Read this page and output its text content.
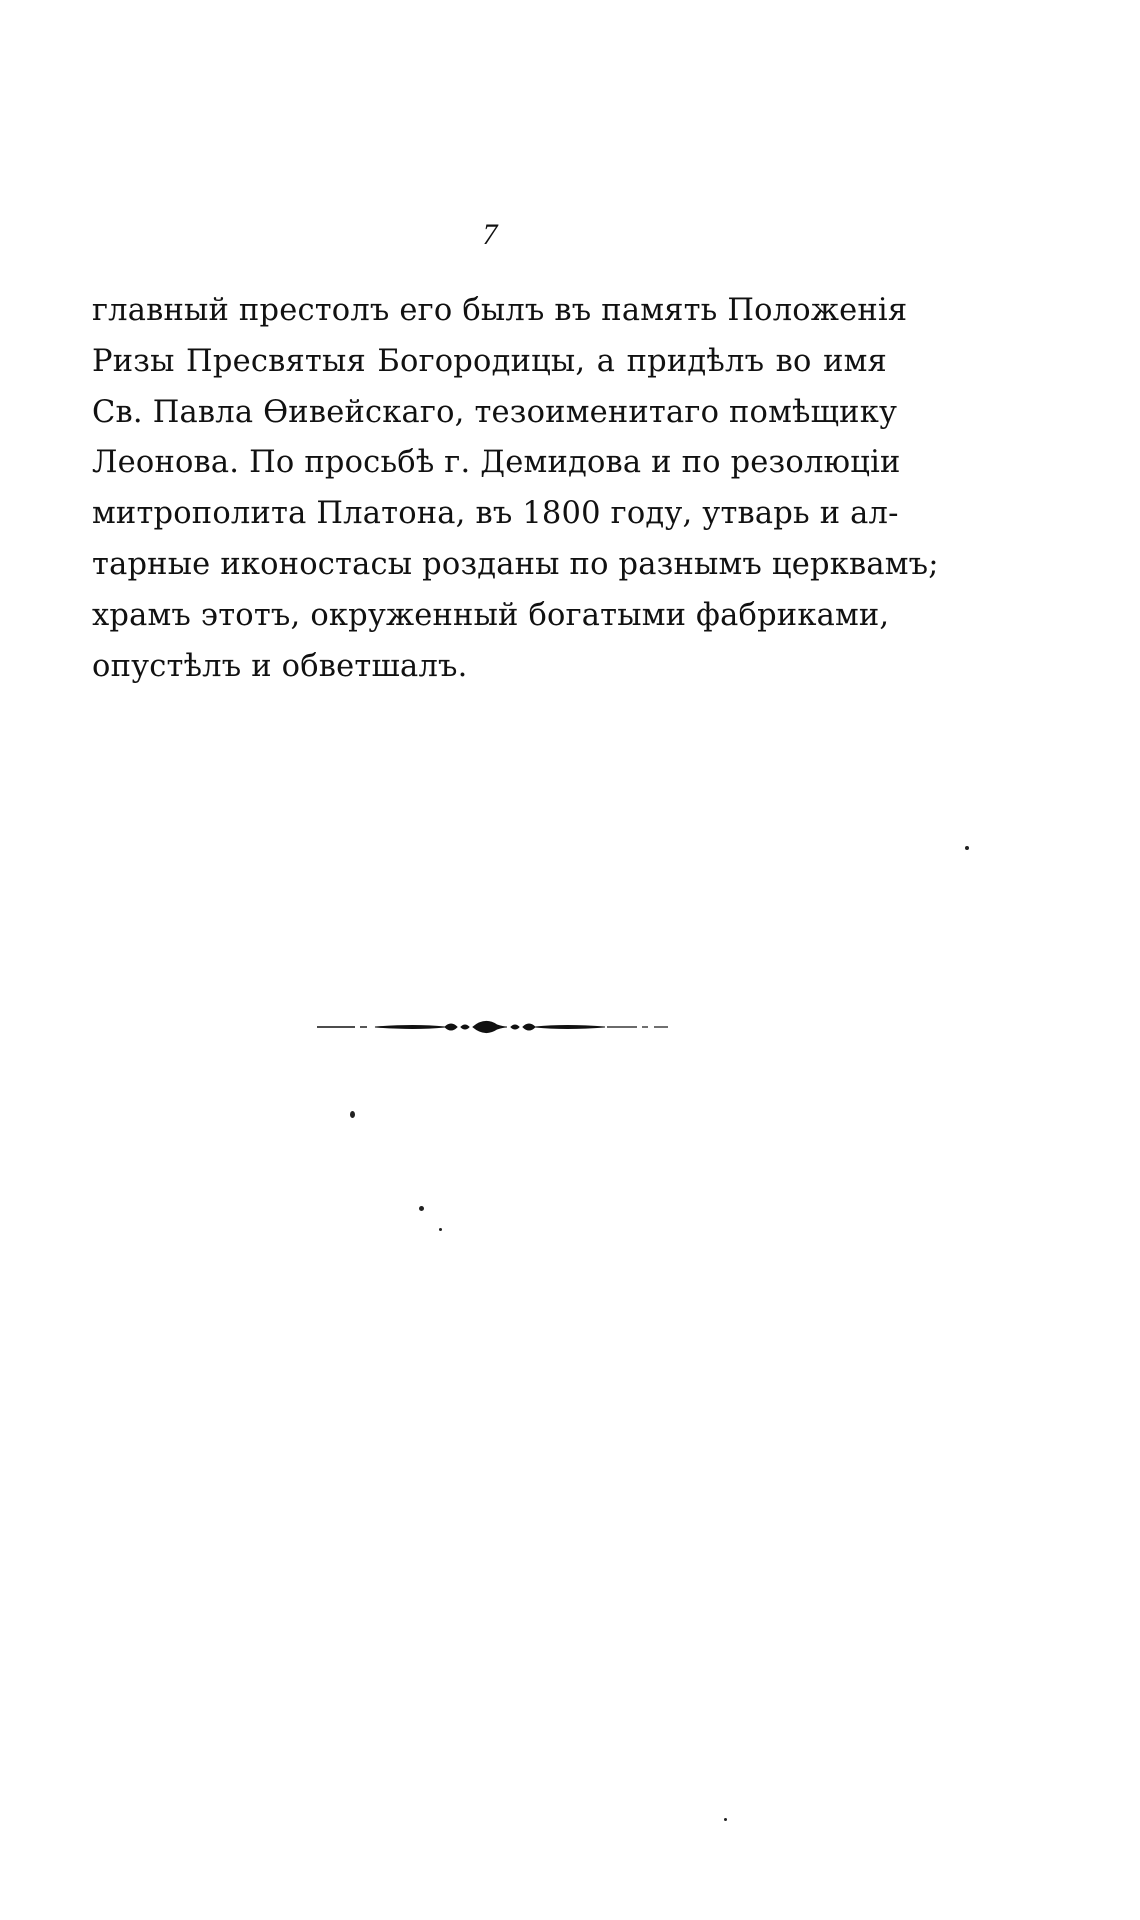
7
главный престолъ его былъ въ память Положенія
Ризы Пресвятыя Богородицы, а придѣлъ во имя
Св. Павла Ѳивейскаго, тезоименитаго помѣщику
Леонова. По просьбѣ г. Демидова и по резолюціи
митрополита Платона, въ 1800 году, утварь и ал-
тарные иконостасы розданы по разнымъ церквамъ;
храмъ этотъ, окруженный богатыми фабриками,
опустѣлъ и обветшалъ.
